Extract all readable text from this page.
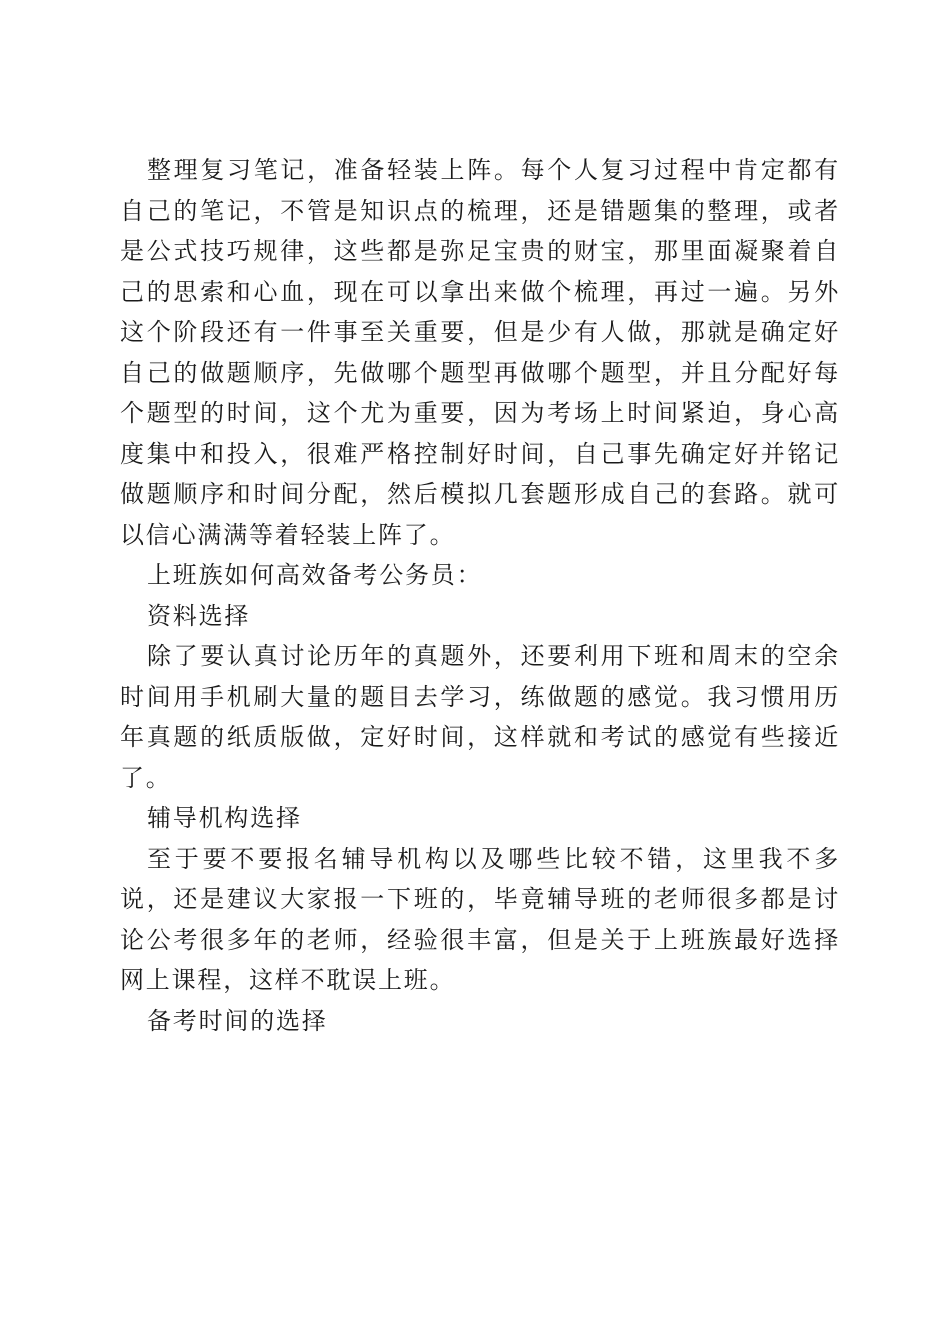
整理复习笔记，准备轻装上阵。每个人复习过程中肯定都有自己的笔记，不管是知识点的梳理，还是错题集的整理，或者是公式技巧规律，这些都是弥足宝贵的财宝，那里面凝聚着自己的思索和心血，现在可以拿出来做个梳理，再过一遍。另外这个阶段还有一件事至关重要，但是少有人做，那就是确定好自己的做题顺序，先做哪个题型再做哪个题型，并且分配好每个题型的时间，这个尤为重要，因为考场上时间紧迫，身心高度集中和投入，很难严格控制好时间，自己事先确定好并铭记做题顺序和时间分配，然后模拟几套题形成自己的套路。就可以信心满满等着轻装上阵了。

上班族如何高效备考公务员：

资料选择

除了要认真讨论历年的真题外，还要利用下班和周末的空余时间用手机刷大量的题目去学习，练做题的感觉。我习惯用历年真题的纸质版做，定好时间，这样就和考试的感觉有些接近了。

辅导机构选择

至于要不要报名辅导机构以及哪些比较不错，这里我不多说，还是建议大家报一下班的，毕竟辅导班的老师很多都是讨论公考很多年的老师，经验很丰富，但是关于上班族最好选择网上课程，这样不耽误上班。

备考时间的选择
